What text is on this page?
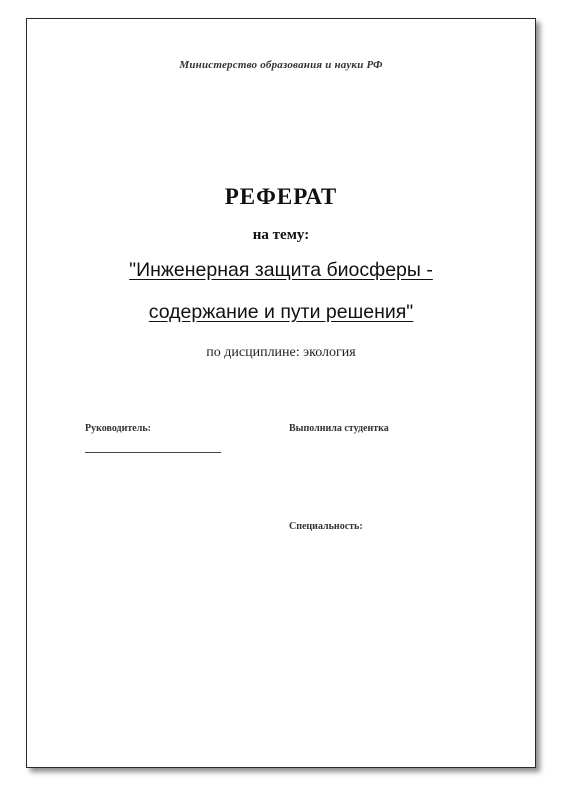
Министерство образования и науки РФ
РЕФЕРАТ
на тему:
"Инженерная защита биосферы -
содержание и пути решения"
по дисциплине: экология
Руководитель:	Выполнила студентка
Специальность:
